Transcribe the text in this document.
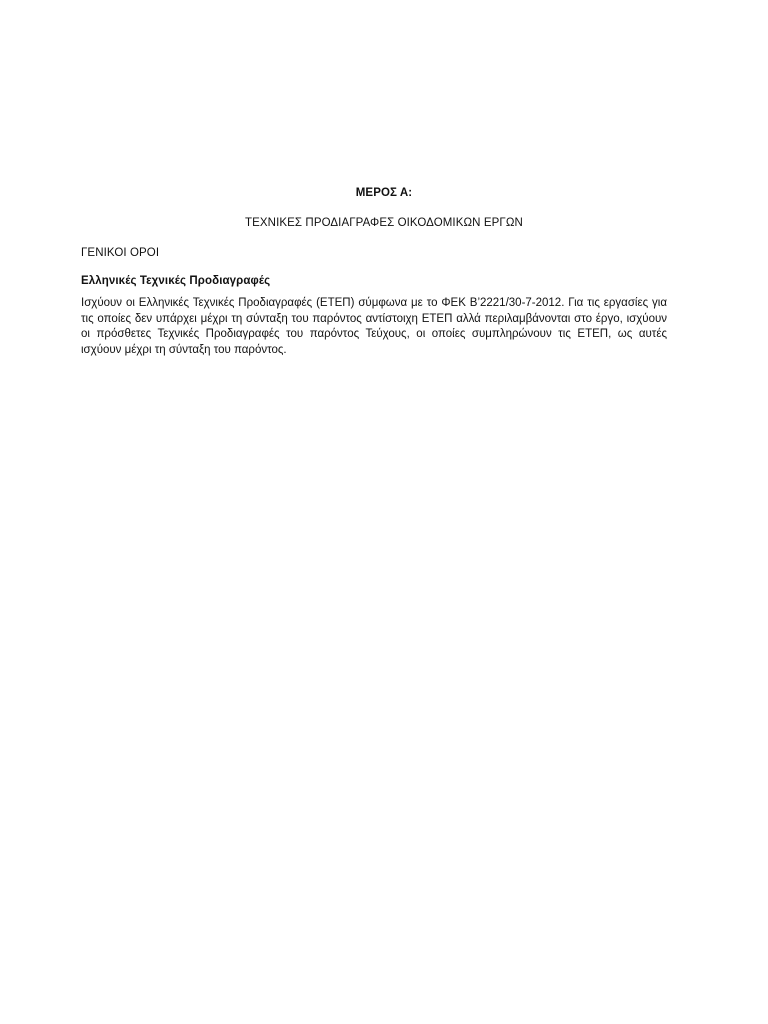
ΜΕΡΟΣ Α:
ΤΕΧΝΙΚΕΣ ΠΡΟΔΙΑΓΡΑΦΕΣ ΟΙΚΟΔΟΜΙΚΩΝ ΕΡΓΩΝ
ΓΕΝΙΚΟΙ ΟΡΟΙ
Ελληνικές Τεχνικές Προδιαγραφές

Ισχύουν οι Ελληνικές Τεχνικές Προδιαγραφές (ΕΤΕΠ) σύμφωνα με το ΦΕΚ Β’2221/30-7-2012. Για τις εργασίες για τις οποίες δεν υπάρχει μέχρι τη σύνταξη του παρόντος αντίστοιχη ΕΤΕΠ αλλά περιλαμβάνονται στο έργο, ισχύουν οι πρόσθετες Τεχνικές Προδιαγραφές του παρόντος Τεύχους, οι οποίες συμπληρώνουν τις ΕΤΕΠ, ως αυτές ισχύουν μέχρι τη σύνταξη του παρόντος.
